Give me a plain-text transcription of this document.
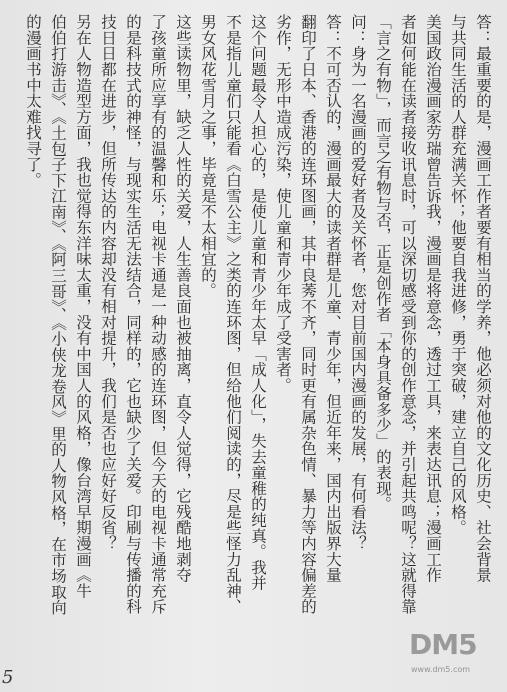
答：最重要的是，漫画工作者要有相当的学养，他必须对他的文化历史、社会背景
与共同生活的人群充满关怀；他要自我进修，勇于突破，建立自己的风格。
美国政治漫画家劳瑞曾告诉我，漫画是将意念，透过工具，来表达讯息；漫画工作
者如何能在读者接收讯息时，可以深切感受到你的创作意念，并引起共鸣呢？这就得靠
「言之有物」，而言之有物与否，正是创作者「本身具备多少」的表现。
问：身为一名漫画的爱好者及关怀者，您对目前国内漫画的发展，有何看法？
答：不可否认的，漫画最大的读者群是儿童、青少年，但近年来，国内出版界大量
翻印了日本、香港的连环图画，其中良莠不齐，同时更有属杂色情、暴力等内容偏差的
劣作，无形中造成污染，使儿童和青少年成了受害者。
这个问题最令人担心的，是使儿童和青少年太早「成人化」，失去童稚的纯真。我并
不是指儿童们只能看《白雪公主》之类的连环图，但给他们阅读的，尽是些怪力乱神、
男女风花雪月之事，毕竟是不太相宜的。
这些读物里，缺乏人性的关爱，人生善良面也被抽离，直令人觉得，它残酷地剥夺
了孩童所应享有的温馨和乐；电视卡通是一种动感的连环图，但今天的电视卡通常充斥
的是科技式的神怪，与现实生活无法结合，同样的，它也缺少了关爱。印刷与传播的科
技日日都在进步，但所传达的内容却没有相对提升，我们是否也应好好反省？
另在人物造型方面，我也觉得东洋味太重，没有中国人的风格，像台湾早期漫画《牛
伯伯打游击》、《土包子下江南》、《阿三哥》、《小侠龙卷风》里的人物风格，在市场取向
的漫画书中太难找寻了。
5
DM5
www.dm5.com
